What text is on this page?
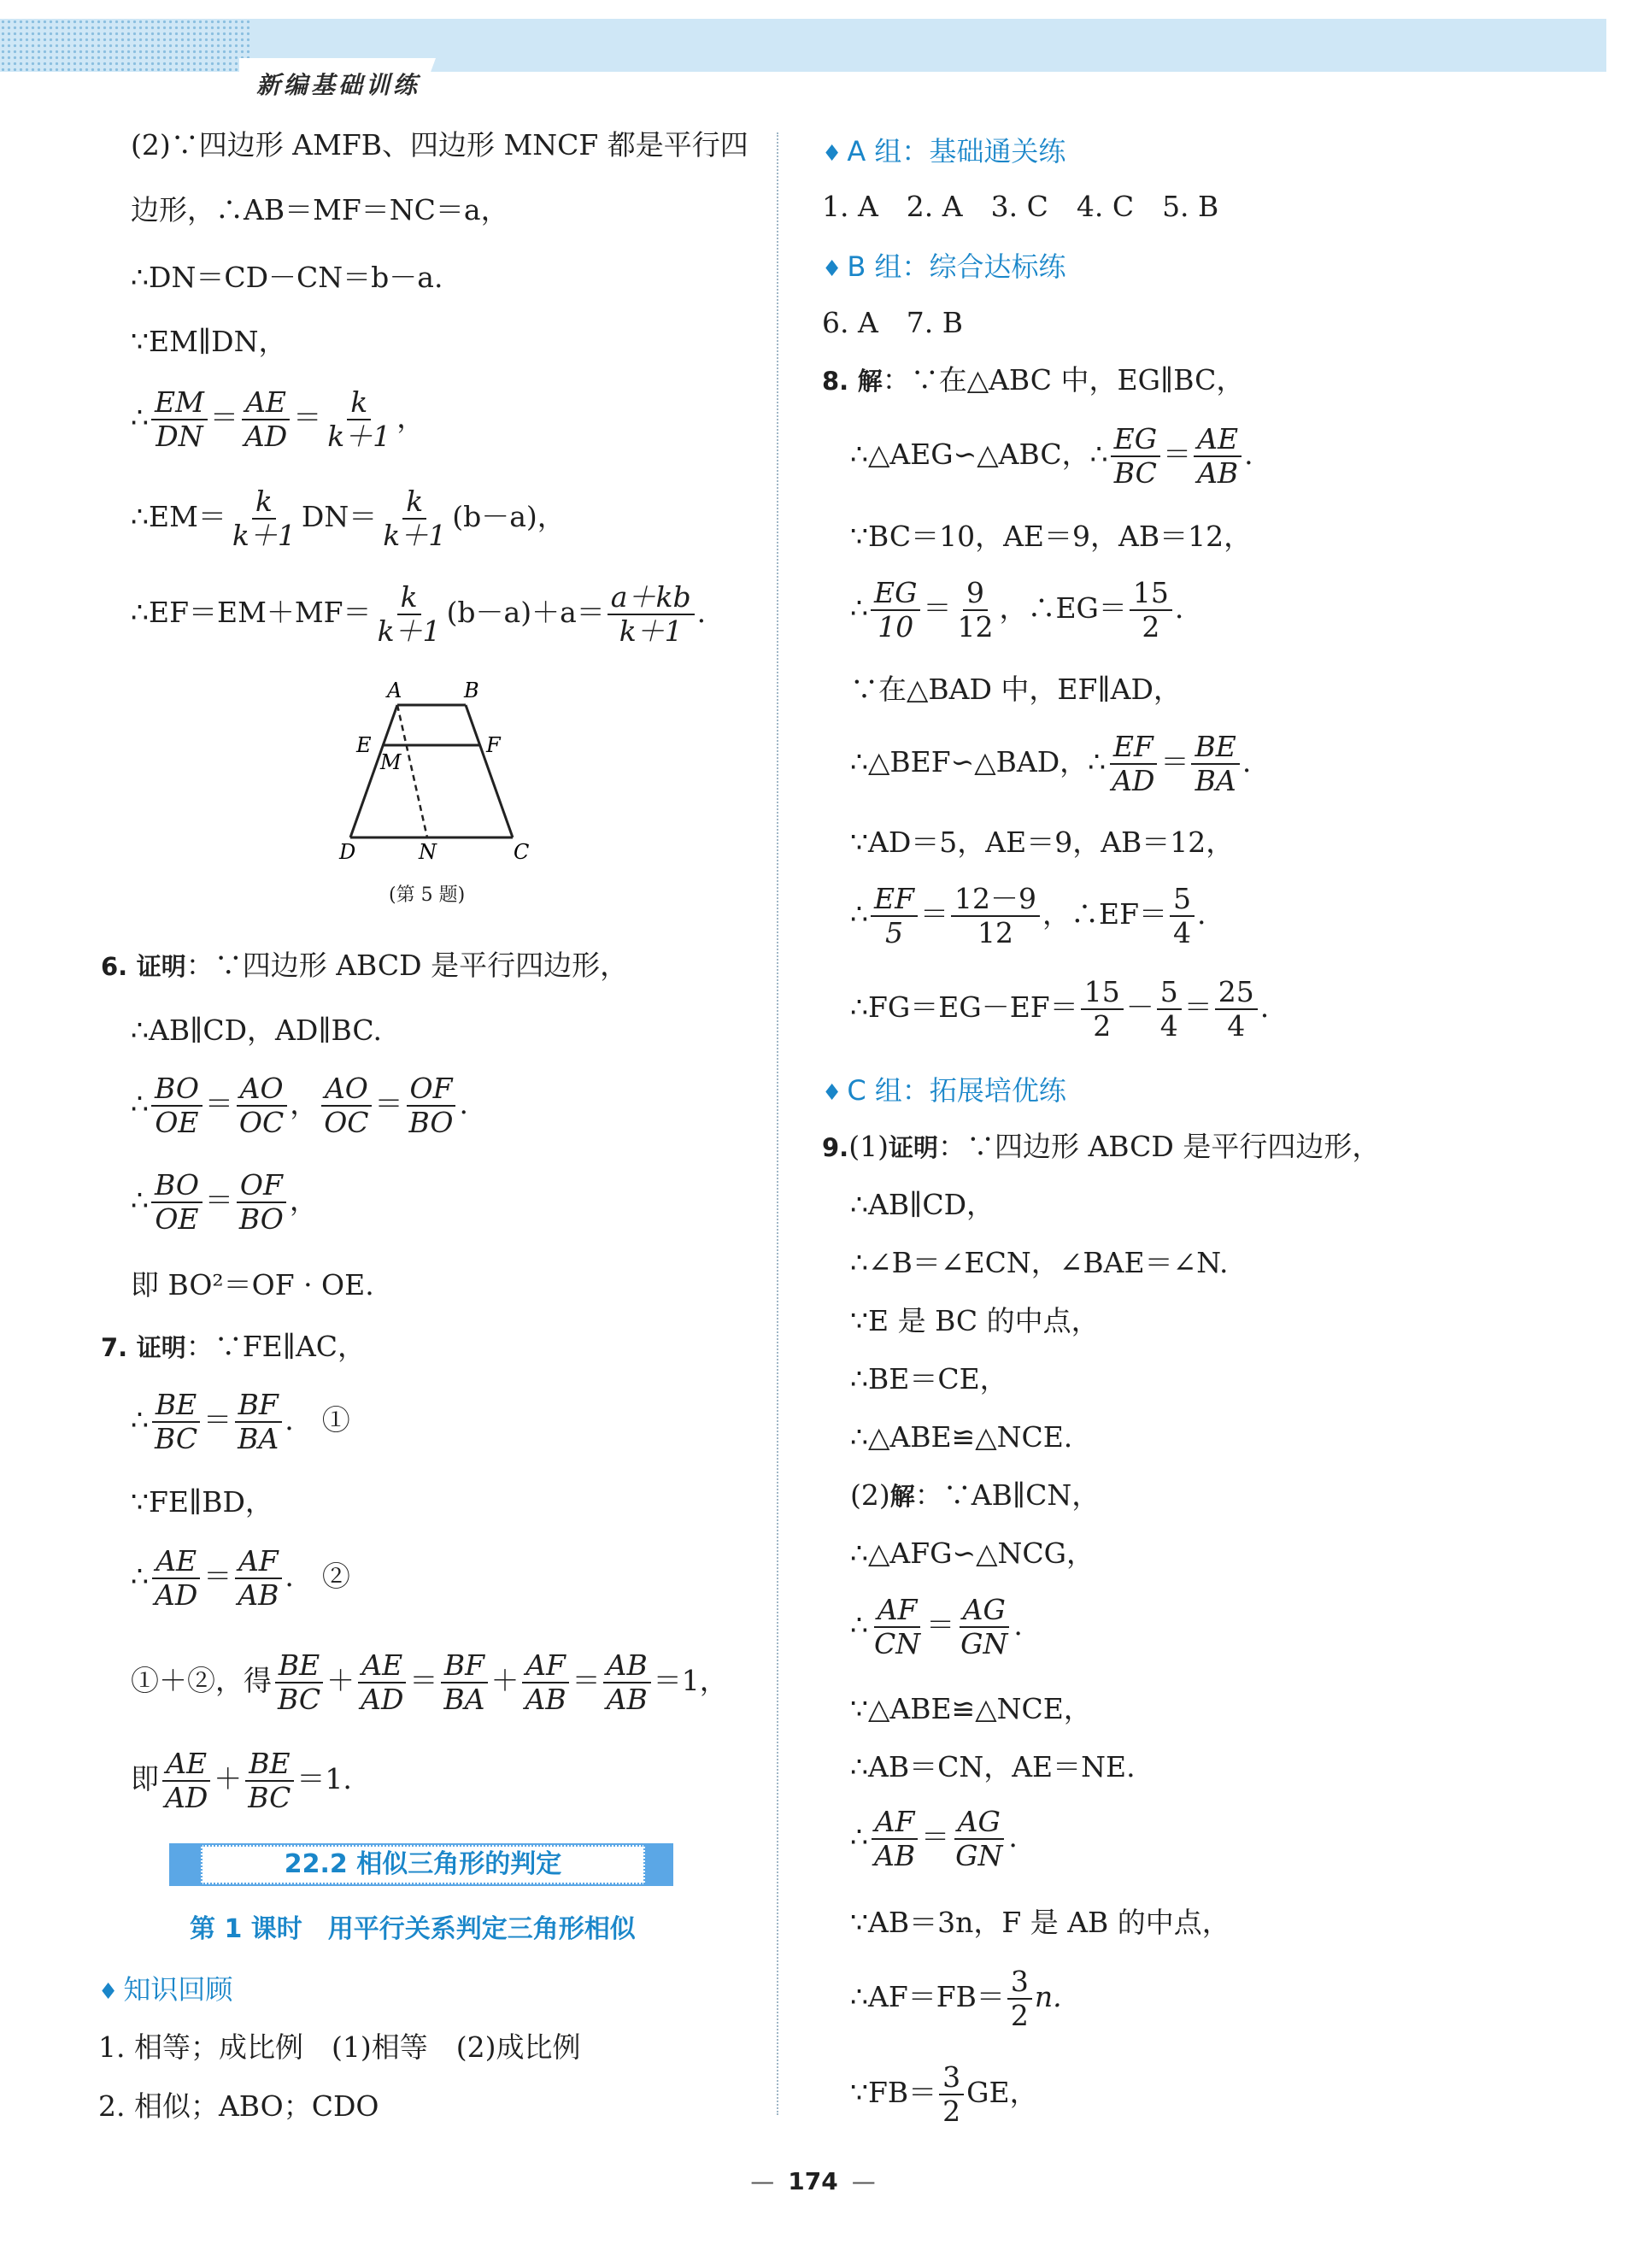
新编基础训练
(2)∵四边形 AMFB、四边形 MNCF 都是平行四
边形，∴AB＝MF＝NC＝a，
∴DN＝CD－CN＝b－a.
∵EM∥DN，
∴ $\frac{EM}{DN} = \frac{AE}{AD} = \frac{k}{k+1}$ ，
∴EM＝ $\frac{k}{k+1} DN= \frac{k}{k+1} (b-a)$，
∴EF＝EM＋MF＝ $\frac{k}{k+1} (b-a)+a= \frac{a+kb}{k+1}$ .
A	B
E
M
F
D	N	C
(第 5 题)
6. 证明：∵四边形 ABCD 是平行四边形，
∴AB∥CD，AD∥BC.
∴ $\frac{BO}{OE} = \frac{AO}{OC}$ ， $\frac{AO}{OC} = \frac{OF}{BO}$ .
∴ $\frac{BO}{OE} = \frac{OF}{BO}$ ，
即 BO²＝OF · OE.
7. 证明：∵FE∥AC，
∴ $\frac{BE}{BC} = \frac{BF}{BA}$ .　 ①
∵FE∥BD，
∴ $\frac{AE}{AD} = \frac{AF}{AB}$ .　 ②
①＋②，得 $\frac{BE}{BC} + \frac{AE}{AD} = \frac{BF}{BA} + \frac{AF}{AB} = \frac{AB}{AB} =1$，
即 $\frac{AE}{AD} + \frac{BE}{BC} =1$.
22.2 相似三角形的判定
第 1 课时　用平行关系判定三角形相似
♦ 知识回顾
1. 相等；成比例　(1)相等　(2)成比例
2. 相似；ABO；CDO
♦ A 组：基础通关练
1. A　2. A　3. C　4. C　5. B
♦ B 组：综合达标练
6. A　7. B
8. 解：∵在△ABC 中，EG∥BC，
∴△AEG∽△ABC，∴ $\frac{EG}{BC} = \frac{AE}{AB}$ .
∵BC＝10，AE＝9，AB＝12，
∴ $\frac{EG}{10} = \frac{9}{12}$ ，∴EG＝ $\frac{15}{2}$ .
∵在△BAD 中，EF∥AD，
∴△BEF∽△BAD，∴ $\frac{EF}{AD} = \frac{BE}{BA}$ .
∵AD＝5，AE＝9，AB＝12，
∴ $\frac{EF}{5} = \frac{12-9}{12}$ ，∴EF＝ $\frac{5}{4}$ .
∴FG＝EG－EF＝ $\frac{15}{2} - \frac{5}{4} = \frac{25}{4}$ .
♦ C 组：拓展培优练
9.(1)证明：∵四边形 ABCD 是平行四边形，
∴AB∥CD，
∴∠B＝∠ECN，∠BAE＝∠N.
∵E 是 BC 的中点，
∴BE＝CE，
∴△ABE≌△NCE.
(2)解：∵AB∥CN，
∴△AFG∽△NCG，
∴ $\frac{AF}{CN} = \frac{AG}{GN}$ .
∵△ABE≌△NCE，
∴AB＝CN，AE＝NE.
∴ $\frac{AF}{AB} = \frac{AG}{GN}$ .
∵AB＝3n，F 是 AB 的中点，
∴AF＝FB＝ $\frac{3}{2} n$.
∵FB＝ $\frac{3}{2}$ GE，
— 174 —
